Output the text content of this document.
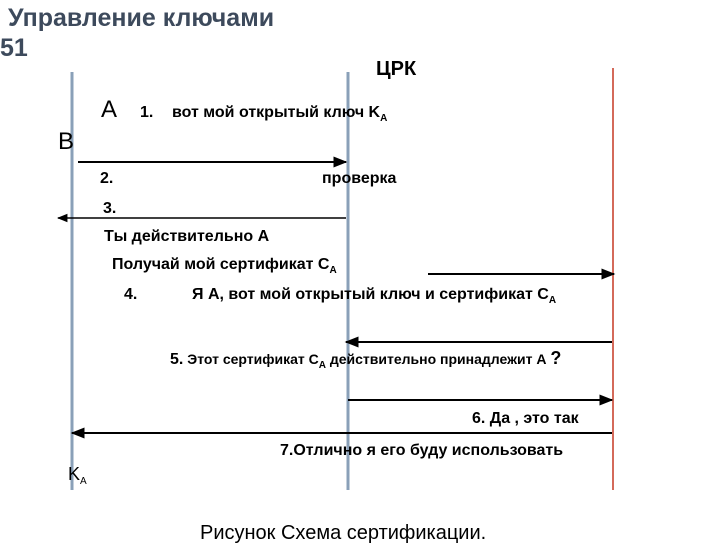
Управление ключами
51
ЦРК
А
В
1. вот мой открытый ключ $K_A$
2.	проверка
3.
Ты действительно А
Получай мой сертификат $C_A$
4.	Я А, вот мой открытый ключ и сертификат $C_A$
5. Этот сертификат $C_A$ действительно принадлежит А ?
6. Да , это так
7.Отлично я его буду использовать
$K_A$
Рисунок Схема сертификации.
